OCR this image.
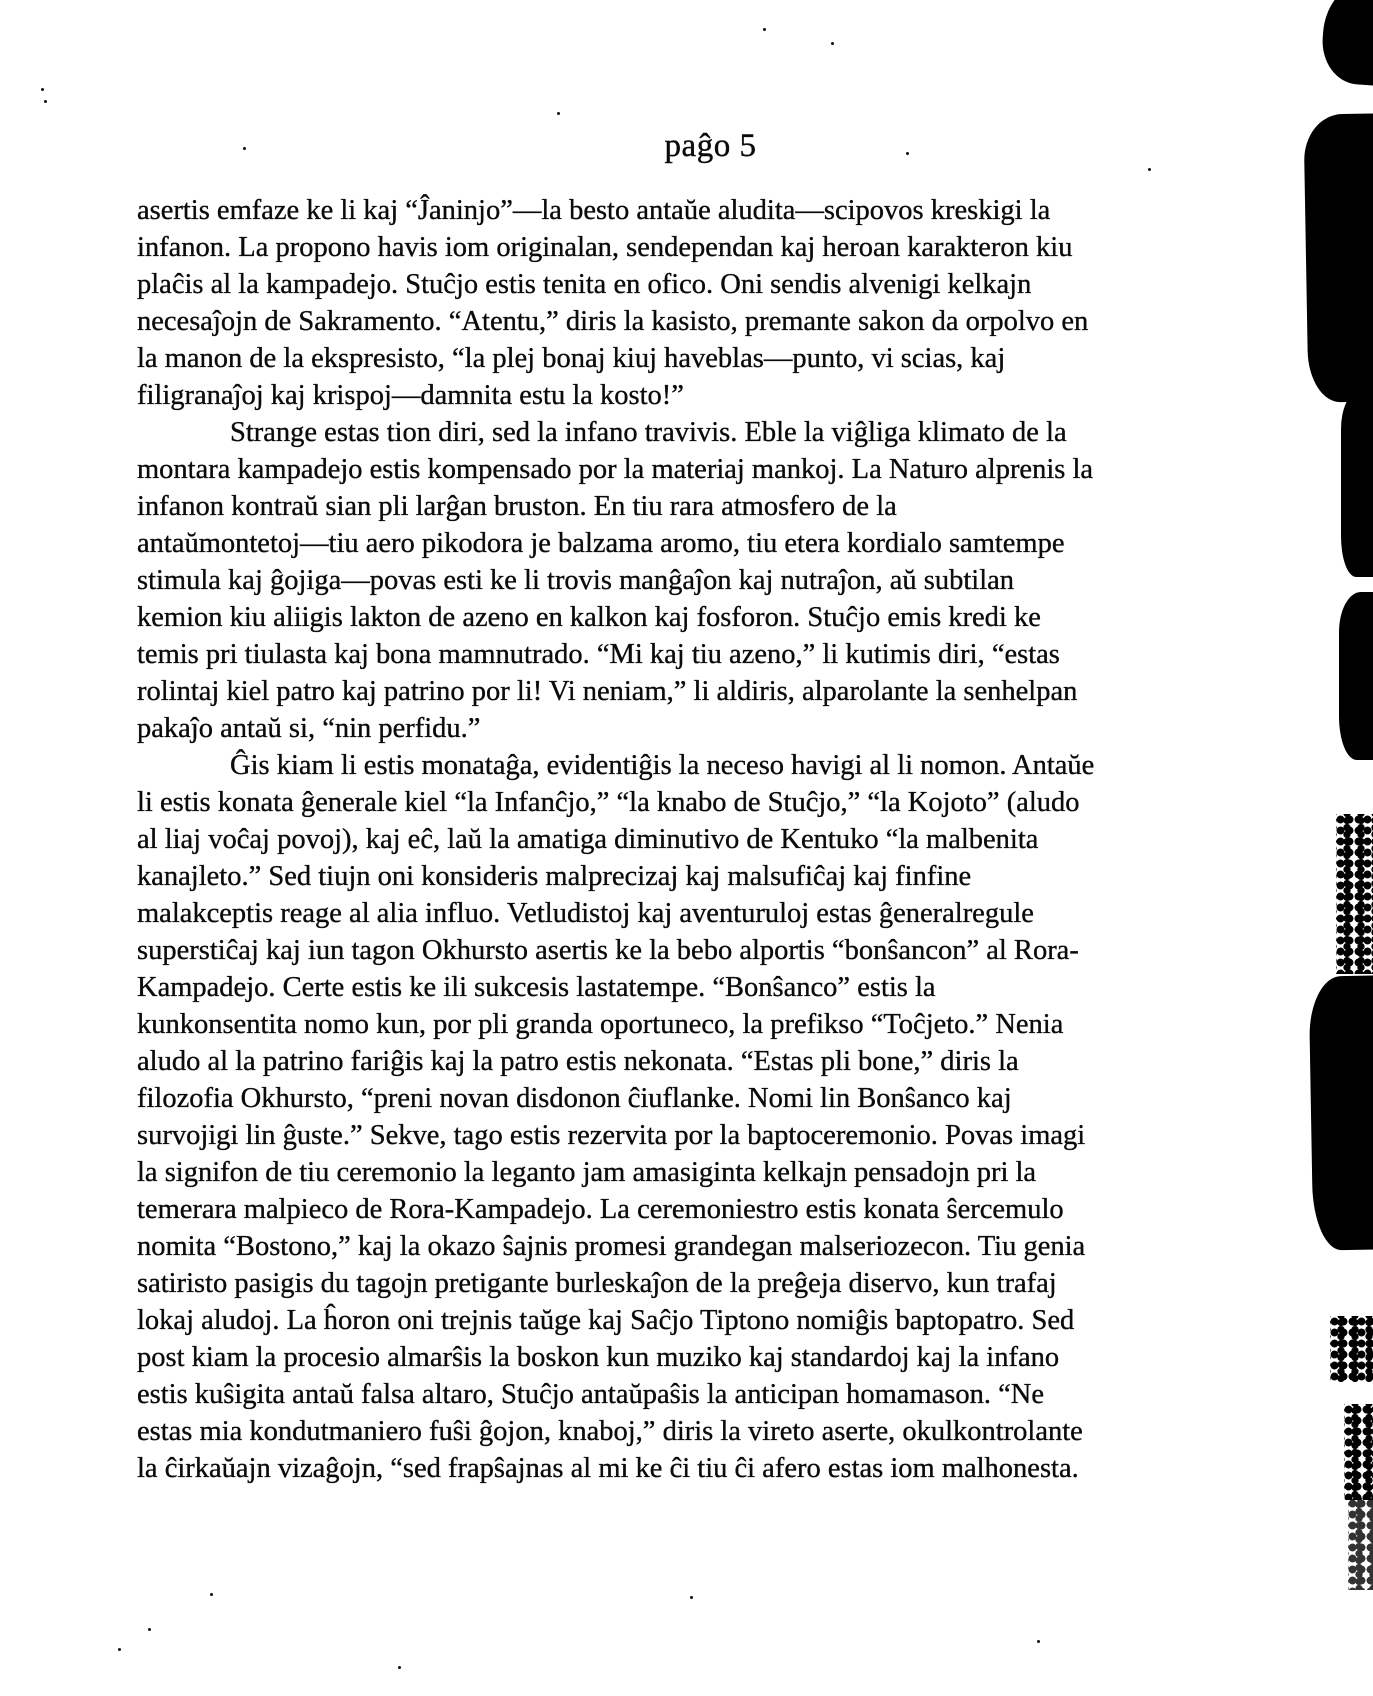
paĝo 5
asertis emfaze ke li kaj “Ĵaninjo”—la besto antaŭe aludita—scipovos kreskigi la
infanon. La propono havis iom originalan, sendependan kaj heroan karakteron kiu
plaĉis al la kampadejo. Stuĉjo estis tenita en ofico. Oni sendis alvenigi kelkajn
necesaĵojn de Sakramento. “Atentu,” diris la kasisto, premante sakon da orpolvo en
la manon de la ekspresisto, “la plej bonaj kiuj haveblas—punto, vi scias, kaj
filigranaĵoj kaj krispoj—damnita estu la kosto!”
Strange estas tion diri, sed la infano travivis. Eble la viĝliga klimato de la
montara kampadejo estis kompensado por la materiaj mankoj. La Naturo alprenis la
infanon kontraŭ sian pli larĝan bruston. En tiu rara atmosfero de la
antaŭmontetoj—tiu aero pikodora je balzama aromo, tiu etera kordialo samtempe
stimula kaj ĝojiga—povas esti ke li trovis manĝaĵon kaj nutraĵon, aŭ subtilan
kemion kiu aliigis lakton de azeno en kalkon kaj fosforon. Stuĉjo emis kredi ke
temis pri tiulasta kaj bona mamnutrado. “Mi kaj tiu azeno,” li kutimis diri, “estas
rolintaj kiel patro kaj patrino por li! Vi neniam,” li aldiris, alparolante la senhelpan
pakaĵo antaŭ si, “nin perfidu.”
Ĝis kiam li estis monataĝa, evidentiĝis la neceso havigi al li nomon. Antaŭe
li estis konata ĝenerale kiel “la Infanĉjo,” “la knabo de Stuĉjo,” “la Kojoto” (aludo
al liaj voĉaj povoj), kaj eĉ, laŭ la amatiga diminutivo de Kentuko “la malbenita
kanajleto.” Sed tiujn oni konsideris malprecizaj kaj malsufiĉaj kaj finfine
malakceptis reage al alia influo. Vetludistoj kaj aventuruloj estas ĝeneralregule
superstiĉaj kaj iun tagon Okhursto asertis ke la bebo alportis “bonŝancon” al Rora-
Kampadejo. Certe estis ke ili sukcesis lastatempe. “Bonŝanco” estis la
kunkonsentita nomo kun, por pli granda oportuneco, la prefikso “Toĉjeto.” Nenia
aludo al la patrino fariĝis kaj la patro estis nekonata. “Estas pli bone,” diris la
filozofia Okhursto, “preni novan disdonon ĉiuflanke. Nomi lin Bonŝanco kaj
survojigi lin ĝuste.” Sekve, tago estis rezervita por la baptoceremonio. Povas imagi
la signifon de tiu ceremonio la leganto jam amasiginta kelkajn pensadojn pri la
temerara malpieco de Rora-Kampadejo. La ceremoniestro estis konata ŝercemulo
nomita “Bostono,” kaj la okazo ŝajnis promesi grandegan malseriozecon. Tiu genia
satiristo pasigis du tagojn pretigante burleskaĵon de la preĝeja diservo, kun trafaj
lokaj aludoj. La ĥoron oni trejnis taŭge kaj Saĉjo Tiptono nomiĝis baptopatro. Sed
post kiam la procesio almarŝis la boskon kun muziko kaj standardoj kaj la infano
estis kuŝigita antaŭ falsa altaro, Stuĉjo antaŭpaŝis la anticipan homamason. “Ne
estas mia kondutmaniero fuŝi ĝojon, knaboj,” diris la vireto aserte, okulkontrolante
la ĉirkaŭajn vizaĝojn, “sed frapŝajnas al mi ke ĉi tiu ĉi afero estas iom malhonesta.
